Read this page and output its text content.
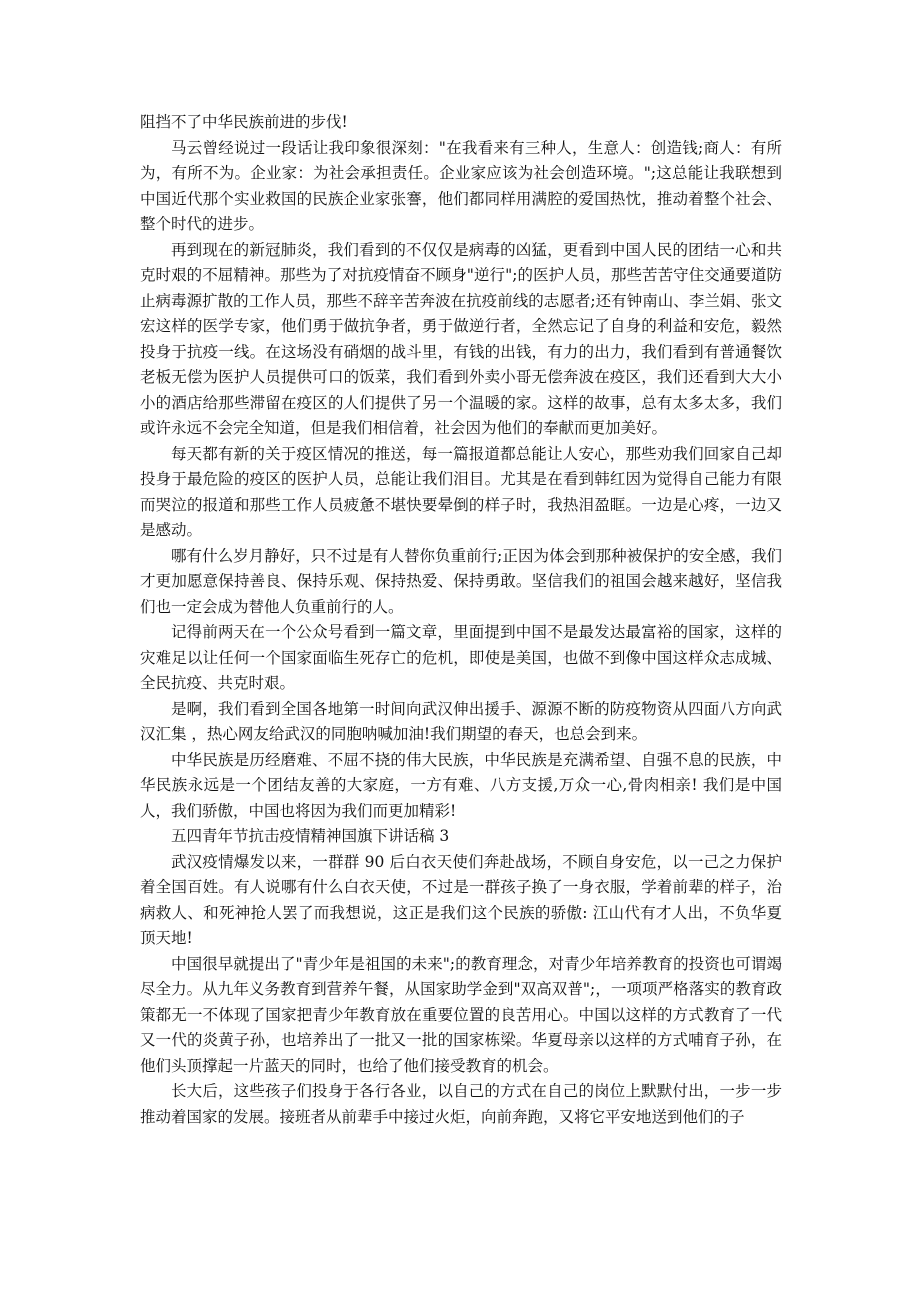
阻挡不了中华民族前进的步伐!

马云曾经说过一段话让我印象很深刻："在我看来有三种人，生意人：创造钱;商人：有所为，有所不为。企业家：为社会承担责任。企业家应该为社会创造环境。";这总能让我联想到中国近代那个实业救国的民族企业家张謇，他们都同样用满腔的爱国热忱，推动着整个社会、整个时代的进步。

再到现在的新冠肺炎，我们看到的不仅仅是病毒的凶猛，更看到中国人民的团结一心和共克时艰的不屈精神。那些为了对抗疫情奋不顾身"逆行";的医护人员，那些苦苦守住交通要道防止病毒源扩散的工作人员，那些不辞辛苦奔波在抗疫前线的志愿者;还有钟南山、李兰娟、张文宏这样的医学专家，他们勇于做抗争者，勇于做逆行者，全然忘记了自身的利益和安危，毅然投身于抗疫一线。在这场没有硝烟的战斗里，有钱的出钱，有力的出力，我们看到有普通餐饮老板无偿为医护人员提供可口的饭菜，我们看到外卖小哥无偿奔波在疫区，我们还看到大大小小的酒店给那些滞留在疫区的人们提供了另一个温暖的家。这样的故事，总有太多太多，我们或许永远不会完全知道，但是我们相信着，社会因为他们的奉献而更加美好。

每天都有新的关于疫区情况的推送，每一篇报道都总能让人安心，那些劝我们回家自己却投身于最危险的疫区的医护人员，总能让我们泪目。尤其是在看到韩红因为觉得自己能力有限而哭泣的报道和那些工作人员疲惫不堪快要晕倒的样子时，我热泪盈眶。一边是心疼，一边又是感动。

哪有什么岁月静好，只不过是有人替你负重前行;正因为体会到那种被保护的安全感，我们才更加愿意保持善良、保持乐观、保持热爱、保持勇敢。坚信我们的祖国会越来越好，坚信我们也一定会成为替他人负重前行的人。

记得前两天在一个公众号看到一篇文章，里面提到中国不是最发达最富裕的国家，这样的灾难足以让任何一个国家面临生死存亡的危机，即使是美国，也做不到像中国这样众志成城、全民抗疫、共克时艰。

是啊，我们看到全国各地第一时间向武汉伸出援手、源源不断的防疫物资从四面八方向武汉汇集 ，热心网友给武汉的同胞呐喊加油!我们期望的春天，也总会到来。

中华民族是历经磨难、不屈不挠的伟大民族，中华民族是充满希望、自强不息的民族，中华民族永远是一个团结友善的大家庭，一方有难、八方支援,万众一心,骨肉相亲! 我们是中国人，我们骄傲，中国也将因为我们而更加精彩!

五四青年节抗击疫情精神国旗下讲话稿 3

武汉疫情爆发以来，一群群 90 后白衣天使们奔赴战场，不顾自身安危，以一己之力保护着全国百姓。有人说哪有什么白衣天使，不过是一群孩子换了一身衣服，学着前辈的样子，治病救人、和死神抢人罢了而我想说，这正是我们这个民族的骄傲: 江山代有才人出，不负华夏顶天地!

中国很早就提出了"青少年是祖国的未来";的教育理念，对青少年培养教育的投资也可谓竭尽全力。从九年义务教育到营养午餐，从国家助学金到"双高双普";，一项项严格落实的教育政策都无一不体现了国家把青少年教育放在重要位置的良苦用心。中国以这样的方式教育了一代又一代的炎黄子孙，也培养出了一批又一批的国家栋梁。华夏母亲以这样的方式哺育子孙，在他们头顶撑起一片蓝天的同时，也给了他们接受教育的机会。

长大后，这些孩子们投身于各行各业，以自己的方式在自己的岗位上默默付出，一步一步推动着国家的发展。接班者从前辈手中接过火炬，向前奔跑，又将它平安地送到他们的子
